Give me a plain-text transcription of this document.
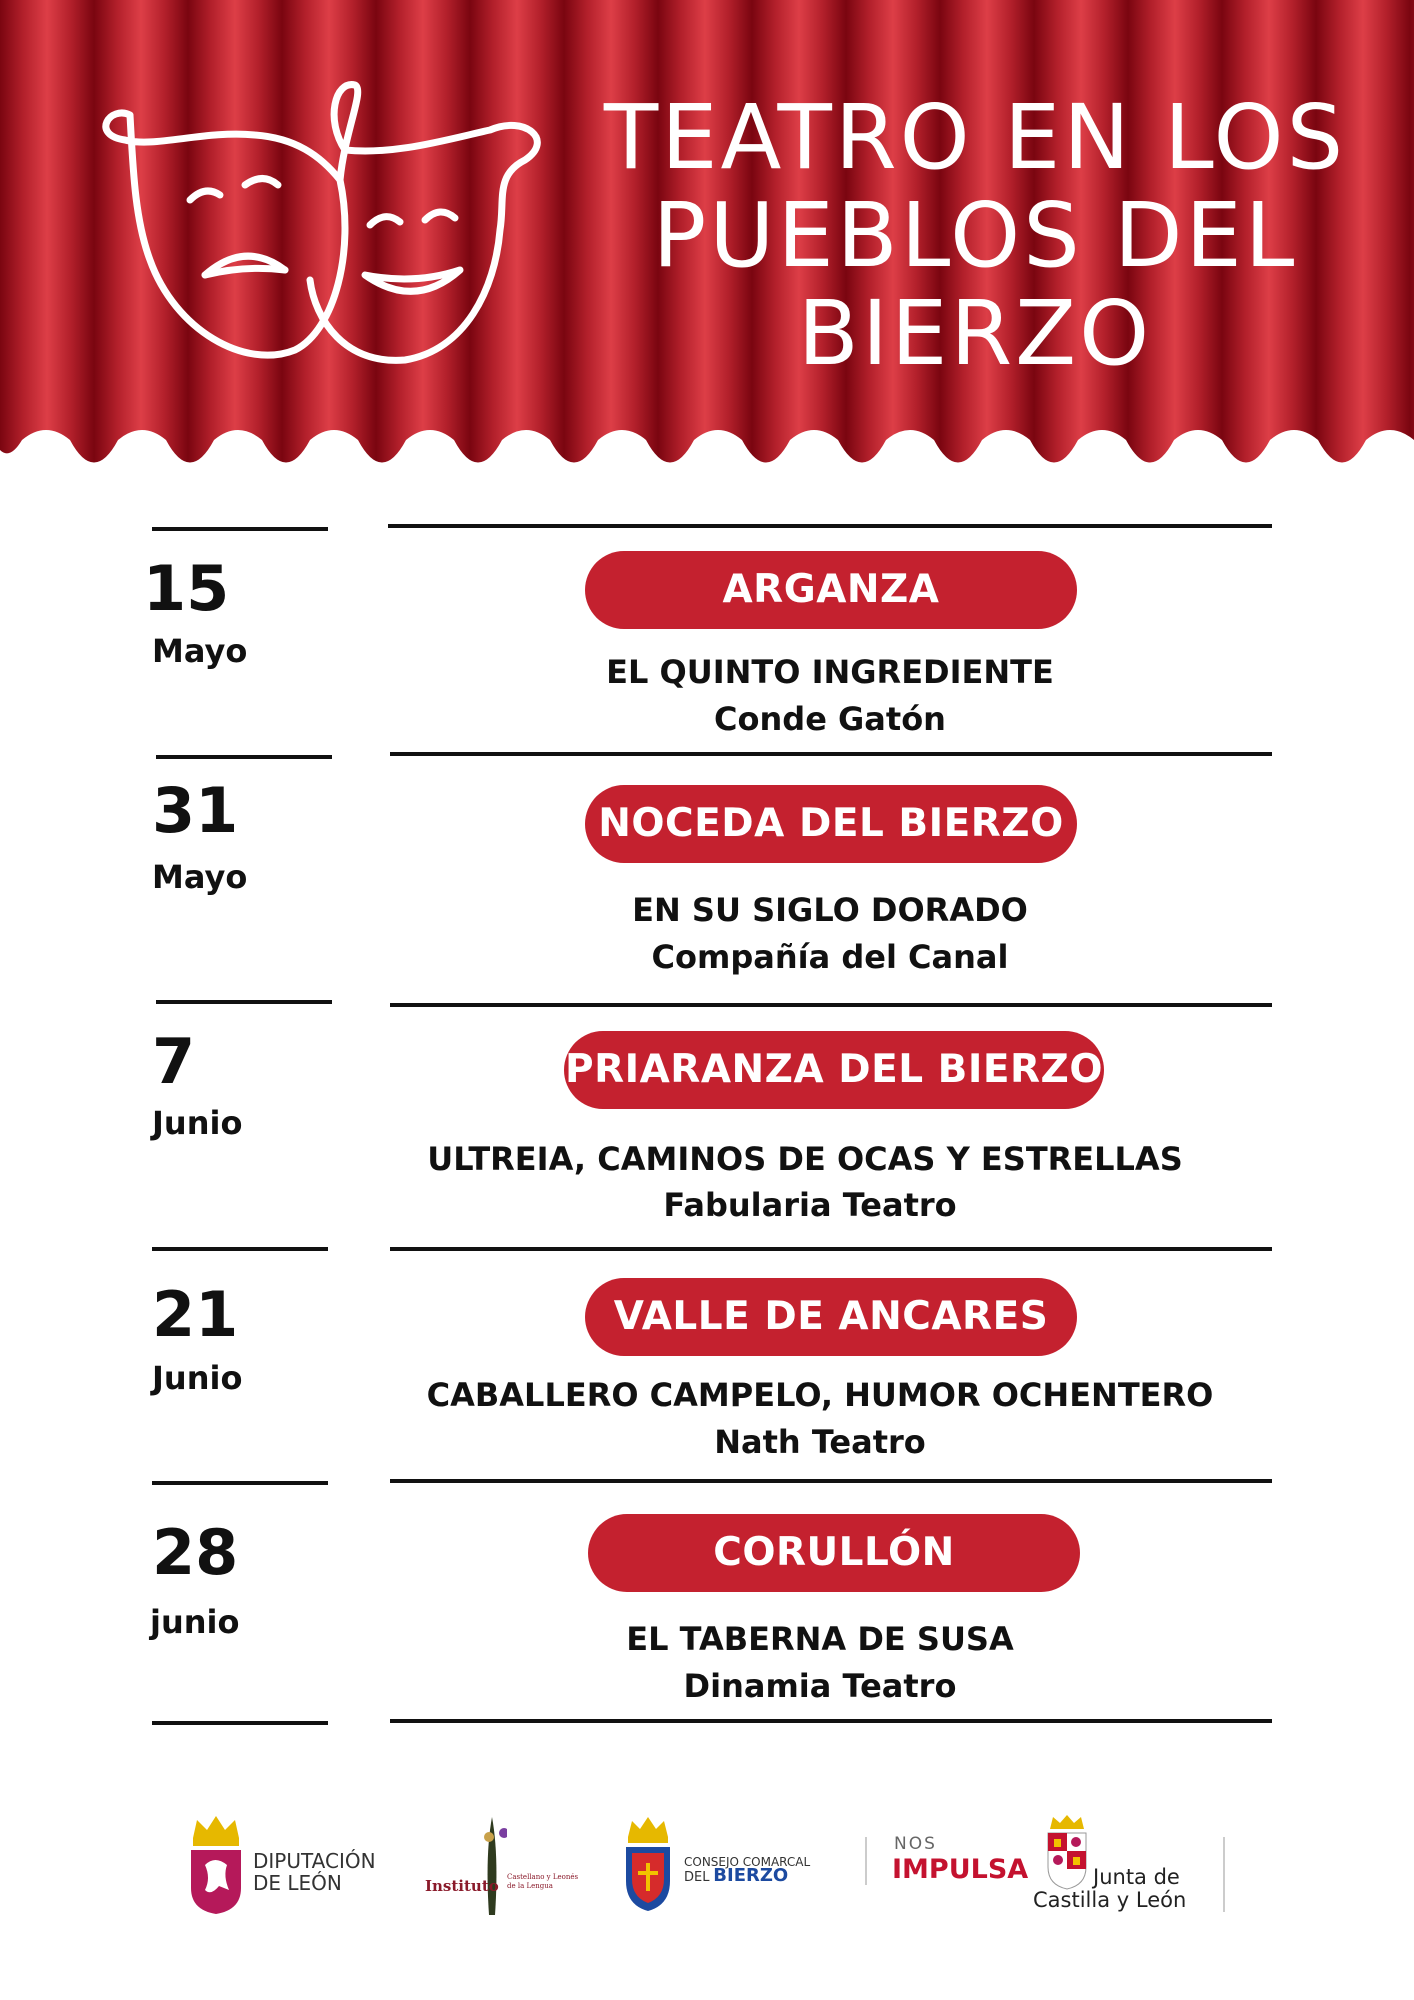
TEATRO EN LOS
PUEBLOS DEL
BIERZO
15
Mayo
ARGANZA
EL QUINTO INGREDIENTE
Conde Gatón
31
Mayo
NOCEDA DEL BIERZO
EN SU SIGLO DORADO
Compañía del Canal
7
Junio
PRIARANZA DEL BIERZO
ULTREIA, CAMINOS DE OCAS Y ESTRELLAS
Fabularia Teatro
21
Junio
VALLE DE ANCARES
CABALLERO CAMPELO, HUMOR OCHENTERO
Nath Teatro
28
junio
CORULLÓN
EL TABERNA DE SUSA
Dinamia Teatro
DIPUTACIÓN
DE LEÓN	Instituto Castellano y Leonés
de la Lengua
CONSEJO COMARCAL
DEL BIERZO
NOS
IMPULSA	Junta de
Castilla y León
